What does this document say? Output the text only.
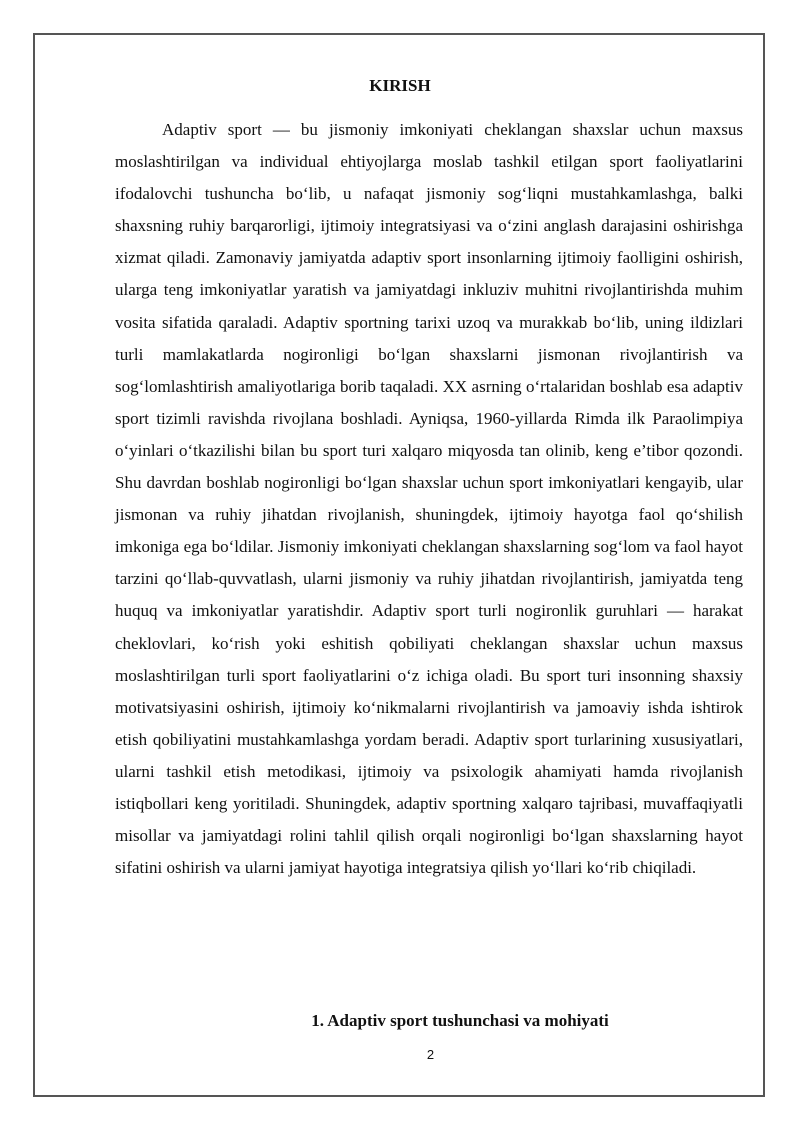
KIRISH

Adaptiv sport — bu jismoniy imkoniyati cheklangan shaxslar uchun maxsus moslashtirilgan va individual ehtiyojlarga moslab tashkil etilgan sport faoliyatlarini ifodalovchi tushuncha bo‘lib, u nafaqat jismoniy sog‘liqni mustahkamlashga, balki shaxsning ruhiy barqarorligi, ijtimoiy integratsiyasi va o‘zini anglash darajasini oshirishga xizmat qiladi. Zamonaviy jamiyatda adaptiv sport insonlarning ijtimoiy faolligini oshirish, ularga teng imkoniyatlar yaratish va jamiyatdagi inkluziv muhitni rivojlantirishda muhim vosita sifatida qaraladi. Adaptiv sportning tarixi uzoq va murakkab bo‘lib, uning ildizlari turli mamlakatlarda nogironligi bo‘lgan shaxslarni jismonan rivojlantirish va sog‘lomlashtirish amaliyotlariga borib taqaladi. XX asrning o‘rtalaridan boshlab esa adaptiv sport tizimli ravishda rivojlana boshladi. Ayniqsa, 1960-yillarda Rimda ilk Paraolimpiya o‘yinlari o‘tkazilishi bilan bu sport turi xalqaro miqyosda tan olinib, keng e’tibor qozondi. Shu davrdan boshlab nogironligi bo‘lgan shaxslar uchun sport imkoniyatlari kengayib, ular jismonan va ruhiy jihatdan rivojlanish, shuningdek, ijtimoiy hayotga faol qo‘shilish imkoniga ega bo‘ldilar. Jismoniy imkoniyati cheklangan shaxslarning sog‘lom va faol hayot tarzini qo‘llab-quvvatlash, ularni jismoniy va ruhiy jihatdan rivojlantirish, jamiyatda teng huquq va imkoniyatlar yaratishdir. Adaptiv sport turli nogironlik guruhlari — harakat cheklovlari, ko‘rish yoki eshitish qobiliyati cheklangan shaxslar uchun maxsus moslashtirilgan turli sport faoliyatlarini o‘z ichiga oladi. Bu sport turi insonning shaxsiy motivatsiyasini oshirish, ijtimoiy ko‘nikmalarni rivojlantirish va jamoaviy ishda ishtirok etish qobiliyatini mustahkamlashga yordam beradi. Adaptiv sport turlarining xususiyatlari, ularni tashkil etish metodikasi, ijtimoiy va psixologik ahamiyati hamda rivojlanish istiqbollari keng yoritiladi. Shuningdek, adaptiv sportning xalqaro tajribasi, muvaffaqiyatli misollar va jamiyatdagi rolini tahlil qilish orqali nogironligi bo‘lgan shaxslarning hayot sifatini oshirish va ularni jamiyat hayotiga integratsiya qilish yo‘llari ko‘rib chiqiladi.

1. Adaptiv sport tushunchasi va mohiyati
2
